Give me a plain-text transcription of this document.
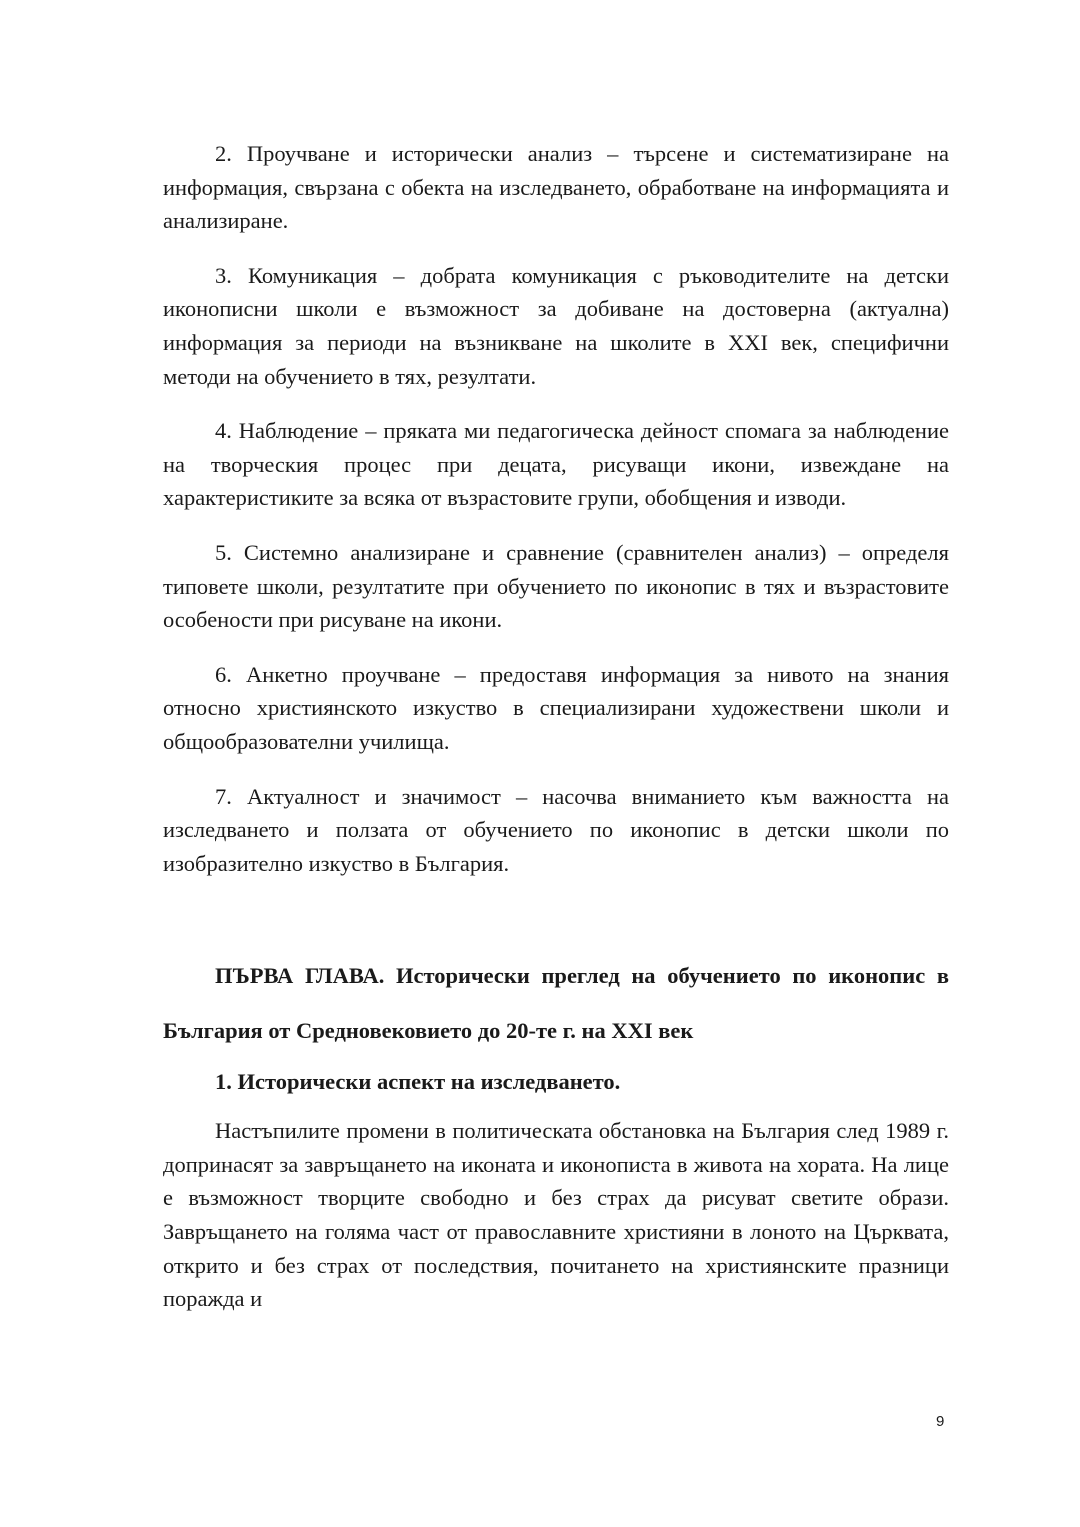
2. Проучване и исторически анализ – търсене и систематизиране на информация, свързана с обекта на изследването, обработване на информацията и анализиране.

3. Комуникация – добрата комуникация с ръководителите на детски иконописни школи е възможност за добиване на достоверна (актуална) информация за периоди на възникване на школите в XXI век, специфични методи на обучението в тях, резултати.

4. Наблюдение – пряката ми педагогическа дейност спомага за наблюдение на творческия процес при децата, рисуващи икони, извеждане на характеристиките за всяка от възрастовите групи, обобщения и изводи.

5. Системно анализиране и сравнение (сравнителен анализ) – определя типовете школи, резултатите при обучението по иконопис в тях и възрастовите особености при рисуване на икони.

6. Анкетно проучване – предоставя информация за нивото на знания относно християнското изкуство в специализирани художествени школи и общообразователни училища.

7. Актуалност и значимост – насочва вниманието към важността на изследването и ползата от обучението по иконопис в детски школи по изобразително изкуство в България.

ПЪРВА ГЛАВА. Исторически преглед на обучението по иконопис в България от Средновековието до 20-те г. на XXI век

1. Исторически аспект на изследването.

Настъпилите промени в политическата обстановка на България след 1989 г. допринасят за завръщането на иконата и иконописта в живота на хората. На лице е възможност творците свободно и без страх да рисуват светите образи. Завръщането на голяма част от православните християни в лоното на Църквата, открито и без страх от последствия, почитането на християнските празници поражда и

9
